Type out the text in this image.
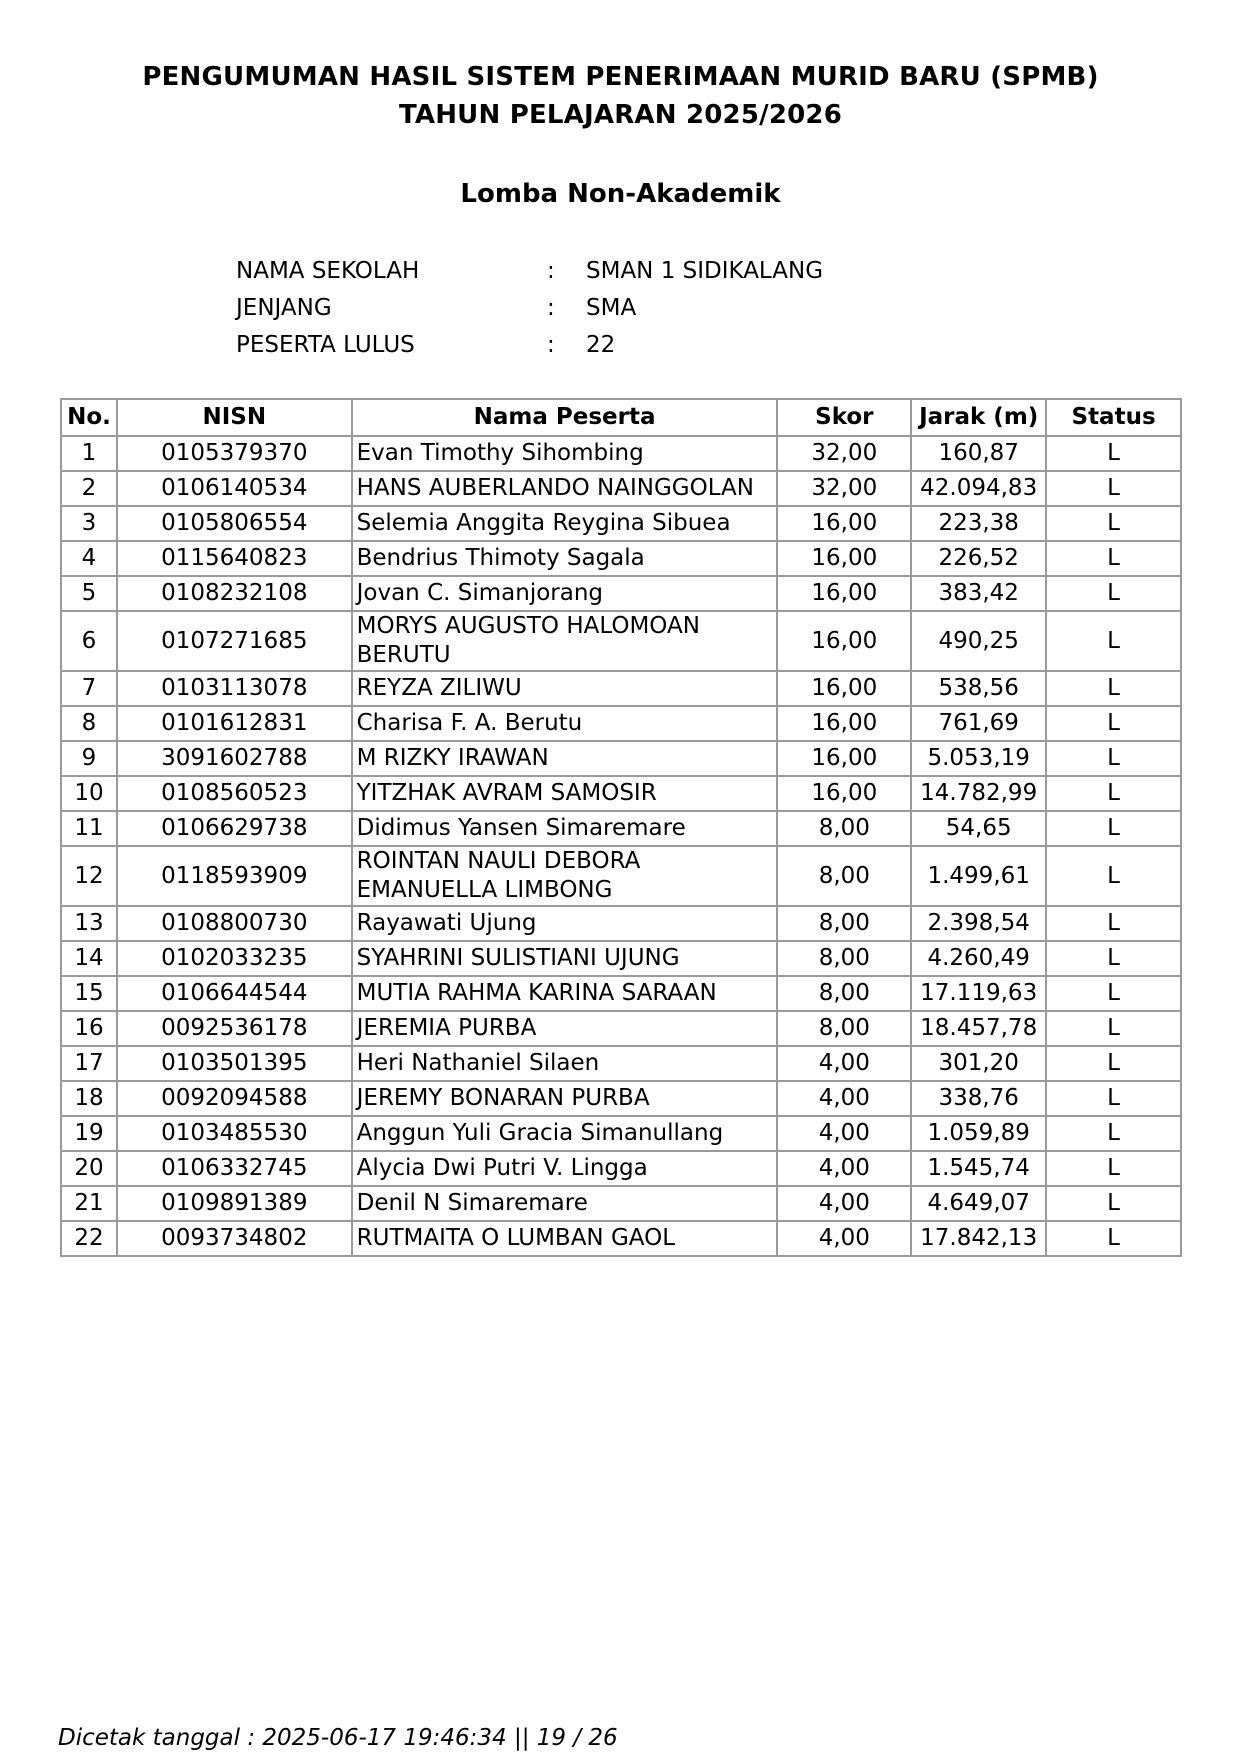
PENGUMUMAN HASIL SISTEM PENERIMAAN MURID BARU (SPMB)
TAHUN PELAJARAN 2025/2026
Lomba Non-Akademik
NAMA SEKOLAH	: SMAN 1 SIDIKALANG
JENJANG	: SMA
PESERTA LULUS	: 22
No.	NISN	Nama Peserta	Skor	Jarak (m)	Status
1	0105379370	Evan Timothy Sihombing	32,00	160,87	L
2	0106140534	HANS AUBERLANDO NAINGGOLAN	32,00	42.094,83	L
3	0105806554	Selemia Anggita Reygina Sibuea	16,00	223,38	L
4	0115640823	Bendrius Thimoty Sagala	16,00	226,52	L
5	0108232108	Jovan C. Simanjorang	16,00	383,42	L
6	0107271685	MORYS AUGUSTO HALOMOAN BERUTU	16,00	490,25	L
7	0103113078	REYZA ZILIWU	16,00	538,56	L
8	0101612831	Charisa F. A. Berutu	16,00	761,69	L
9	3091602788	M RIZKY IRAWAN	16,00	5.053,19	L
10	0108560523	YITZHAK AVRAM SAMOSIR	16,00	14.782,99	L
11	0106629738	Didimus Yansen Simaremare	8,00	54,65	L
12	0118593909	ROINTAN NAULI DEBORA EMANUELLA LIMBONG	8,00	1.499,61	L
13	0108800730	Rayawati Ujung	8,00	2.398,54	L
14	0102033235	SYAHRINI SULISTIANI UJUNG	8,00	4.260,49	L
15	0106644544	MUTIA RAHMA KARINA SARAAN	8,00	17.119,63	L
16	0092536178	JEREMIA PURBA	8,00	18.457,78	L
17	0103501395	Heri Nathaniel Silaen	4,00	301,20	L
18	0092094588	JEREMY BONARAN PURBA	4,00	338,76	L
19	0103485530	Anggun Yuli Gracia Simanullang	4,00	1.059,89	L
20	0106332745	Alycia Dwi Putri V. Lingga	4,00	1.545,74	L
21	0109891389	Denil N Simaremare	4,00	4.649,07	L
22	0093734802	RUTMAITA O LUMBAN GAOL	4,00	17.842,13	L
Dicetak tanggal : 2025-06-17 19:46:34 || 19 / 26
